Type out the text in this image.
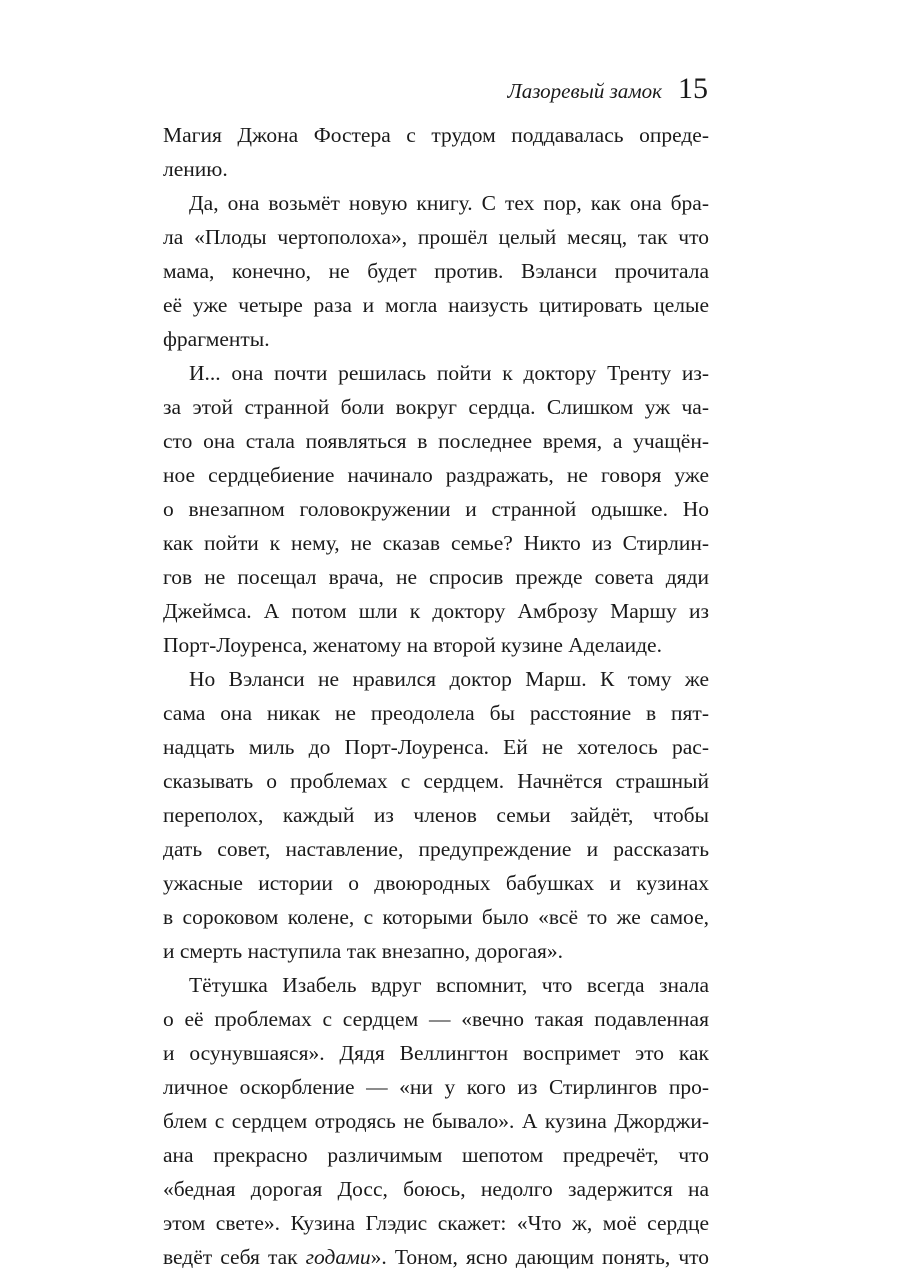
Лазоревый замок 15
Магия Джона Фостера с трудом поддавалась опреде-
лению.
Да, она возьмёт новую книгу. С тех пор, как она бра-
ла «Плоды чертополоха», прошёл целый месяц, так что
мама, конечно, не будет против. Вэланси прочитала
её уже четыре раза и могла наизусть цитировать целые
фрагменты.
И... она почти решилась пойти к доктору Тренту из-
за этой странной боли вокруг сердца. Слишком уж ча-
сто она стала появляться в последнее время, а учащён-
ное сердцебиение начинало раздражать, не говоря уже
о внезапном головокружении и странной одышке. Но
как пойти к нему, не сказав семье? Никто из Стирлин-
гов не посещал врача, не спросив прежде совета дяди
Джеймса. А потом шли к доктору Амброзу Маршу из
Порт-Лоуренса, женатому на второй кузине Аделаиде.
Но Вэланси не нравился доктор Марш. К тому же
сама она никак не преодолела бы расстояние в пят-
надцать миль до Порт-Лоуренса. Ей не хотелось рас-
сказывать о проблемах с сердцем. Начнётся страшный
переполох, каждый из членов семьи зайдёт, чтобы
дать совет, наставление, предупреждение и рассказать
ужасные истории о двоюродных бабушках и кузинах
в сороковом колене, с которыми было «всё то же самое,
и смерть наступила так внезапно, дорогая».
Тётушка Изабель вдруг вспомнит, что всегда знала
о её проблемах с сердцем — «вечно такая подавленная
и осунувшаяся». Дядя Веллингтон воспримет это как
личное оскорбление — «ни у кого из Стирлингов про-
блем с сердцем отродясь не бывало». А кузина Джорджи-
ана прекрасно различимым шепотом предречёт, что
«бедная дорогая Досс, боюсь, недолго задержится на
этом свете». Кузина Глэдис скажет: «Что ж, моё сердце
ведёт себя так годами». Тоном, ясно дающим понять, что
